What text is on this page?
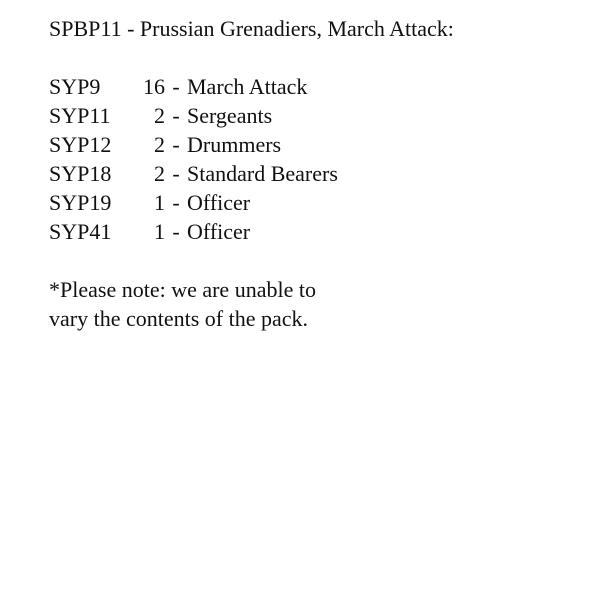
SPBP11 - Prussian Grenadiers, March Attack:
SYP9	16 - March Attack
SYP11	2 - Sergeants
SYP12	2 - Drummers
SYP18	2 - Standard Bearers
SYP19	1 - Officer
SYP41	1 - Officer
*Please note: we are unable to
vary the contents of the pack.
